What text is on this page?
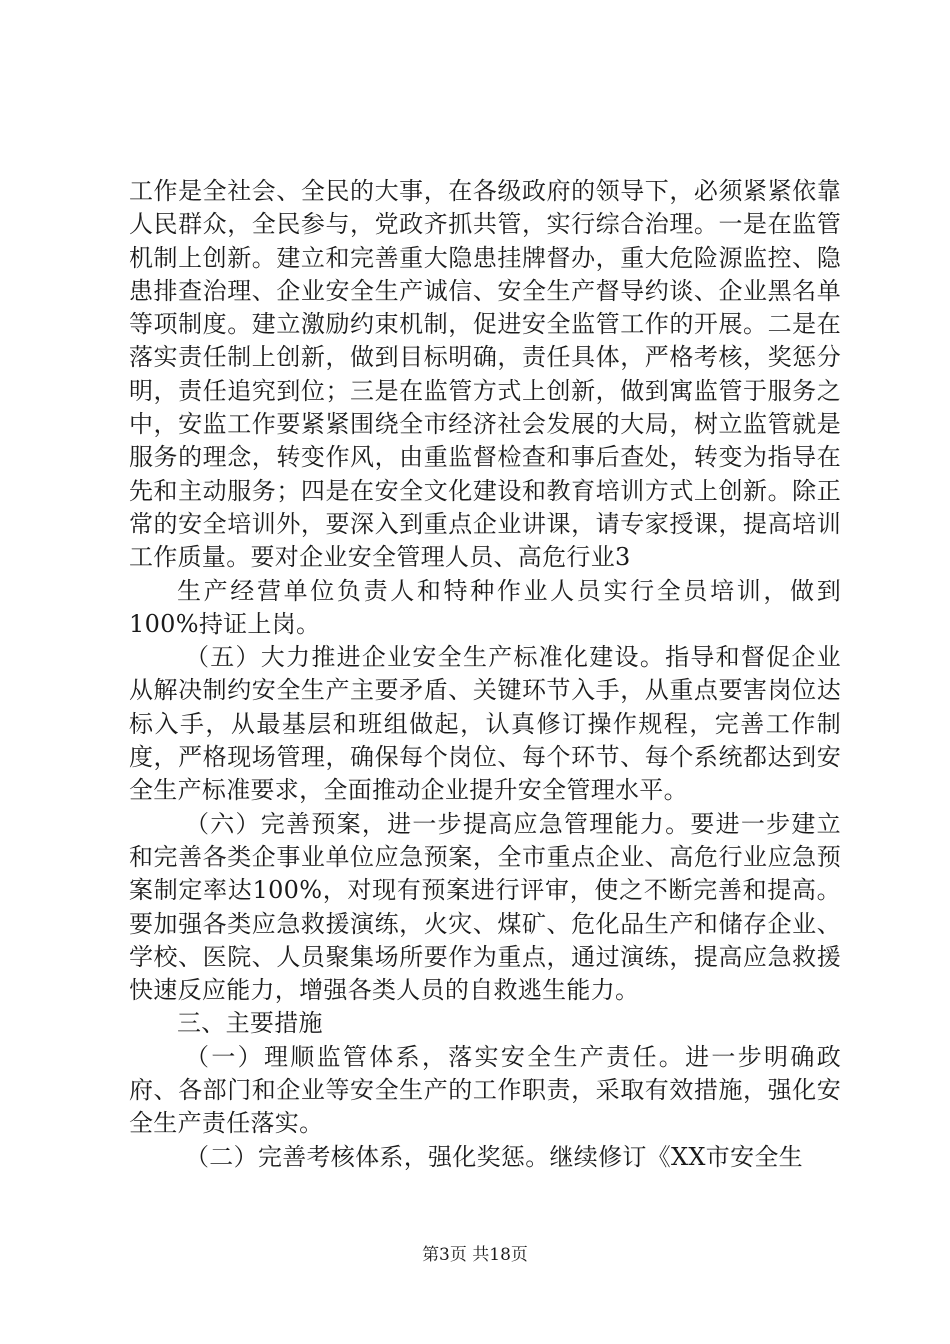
工作是全社会、全民的大事，在各级政府的领导下，必须紧紧依靠人民群众，全民参与，党政齐抓共管，实行综合治理。一是在监管机制上创新。建立和完善重大隐患挂牌督办，重大危险源监控、隐患排查治理、企业安全生产诚信、安全生产督导约谈、企业黑名单等项制度。建立激励约束机制，促进安全监管工作的开展。二是在落实责任制上创新，做到目标明确，责任具体，严格考核，奖惩分明，责任追究到位；三是在监管方式上创新，做到寓监管于服务之中，安监工作要紧紧围绕全市经济社会发展的大局，树立监管就是服务的理念，转变作风，由重监督检查和事后查处，转变为指导在先和主动服务；四是在安全文化建设和教育培训方式上创新。除正常的安全培训外，要深入到重点企业讲课，请专家授课，提高培训工作质量。要对企业安全管理人员、高危行业3

生产经营单位负责人和特种作业人员实行全员培训，做到100%持证上岗。

（五）大力推进企业安全生产标准化建设。指导和督促企业从解决制约安全生产主要矛盾、关键环节入手，从重点要害岗位达标入手，从最基层和班组做起，认真修订操作规程，完善工作制度，严格现场管理，确保每个岗位、每个环节、每个系统都达到安全生产标准要求，全面推动企业提升安全管理水平。

（六）完善预案，进一步提高应急管理能力。要进一步建立和完善各类企事业单位应急预案，全市重点企业、高危行业应急预案制定率达100%，对现有预案进行评审，使之不断完善和提高。要加强各类应急救援演练，火灾、煤矿、危化品生产和储存企业、学校、医院、人员聚集场所要作为重点，通过演练，提高应急救援快速反应能力，增强各类人员的自救逃生能力。

三、主要措施

（一）理顺监管体系，落实安全生产责任。进一步明确政府、各部门和企业等安全生产的工作职责，采取有效措施，强化安全生产责任落实。

（二）完善考核体系，强化奖惩。继续修订《XX市安全生

第3页 共18页
